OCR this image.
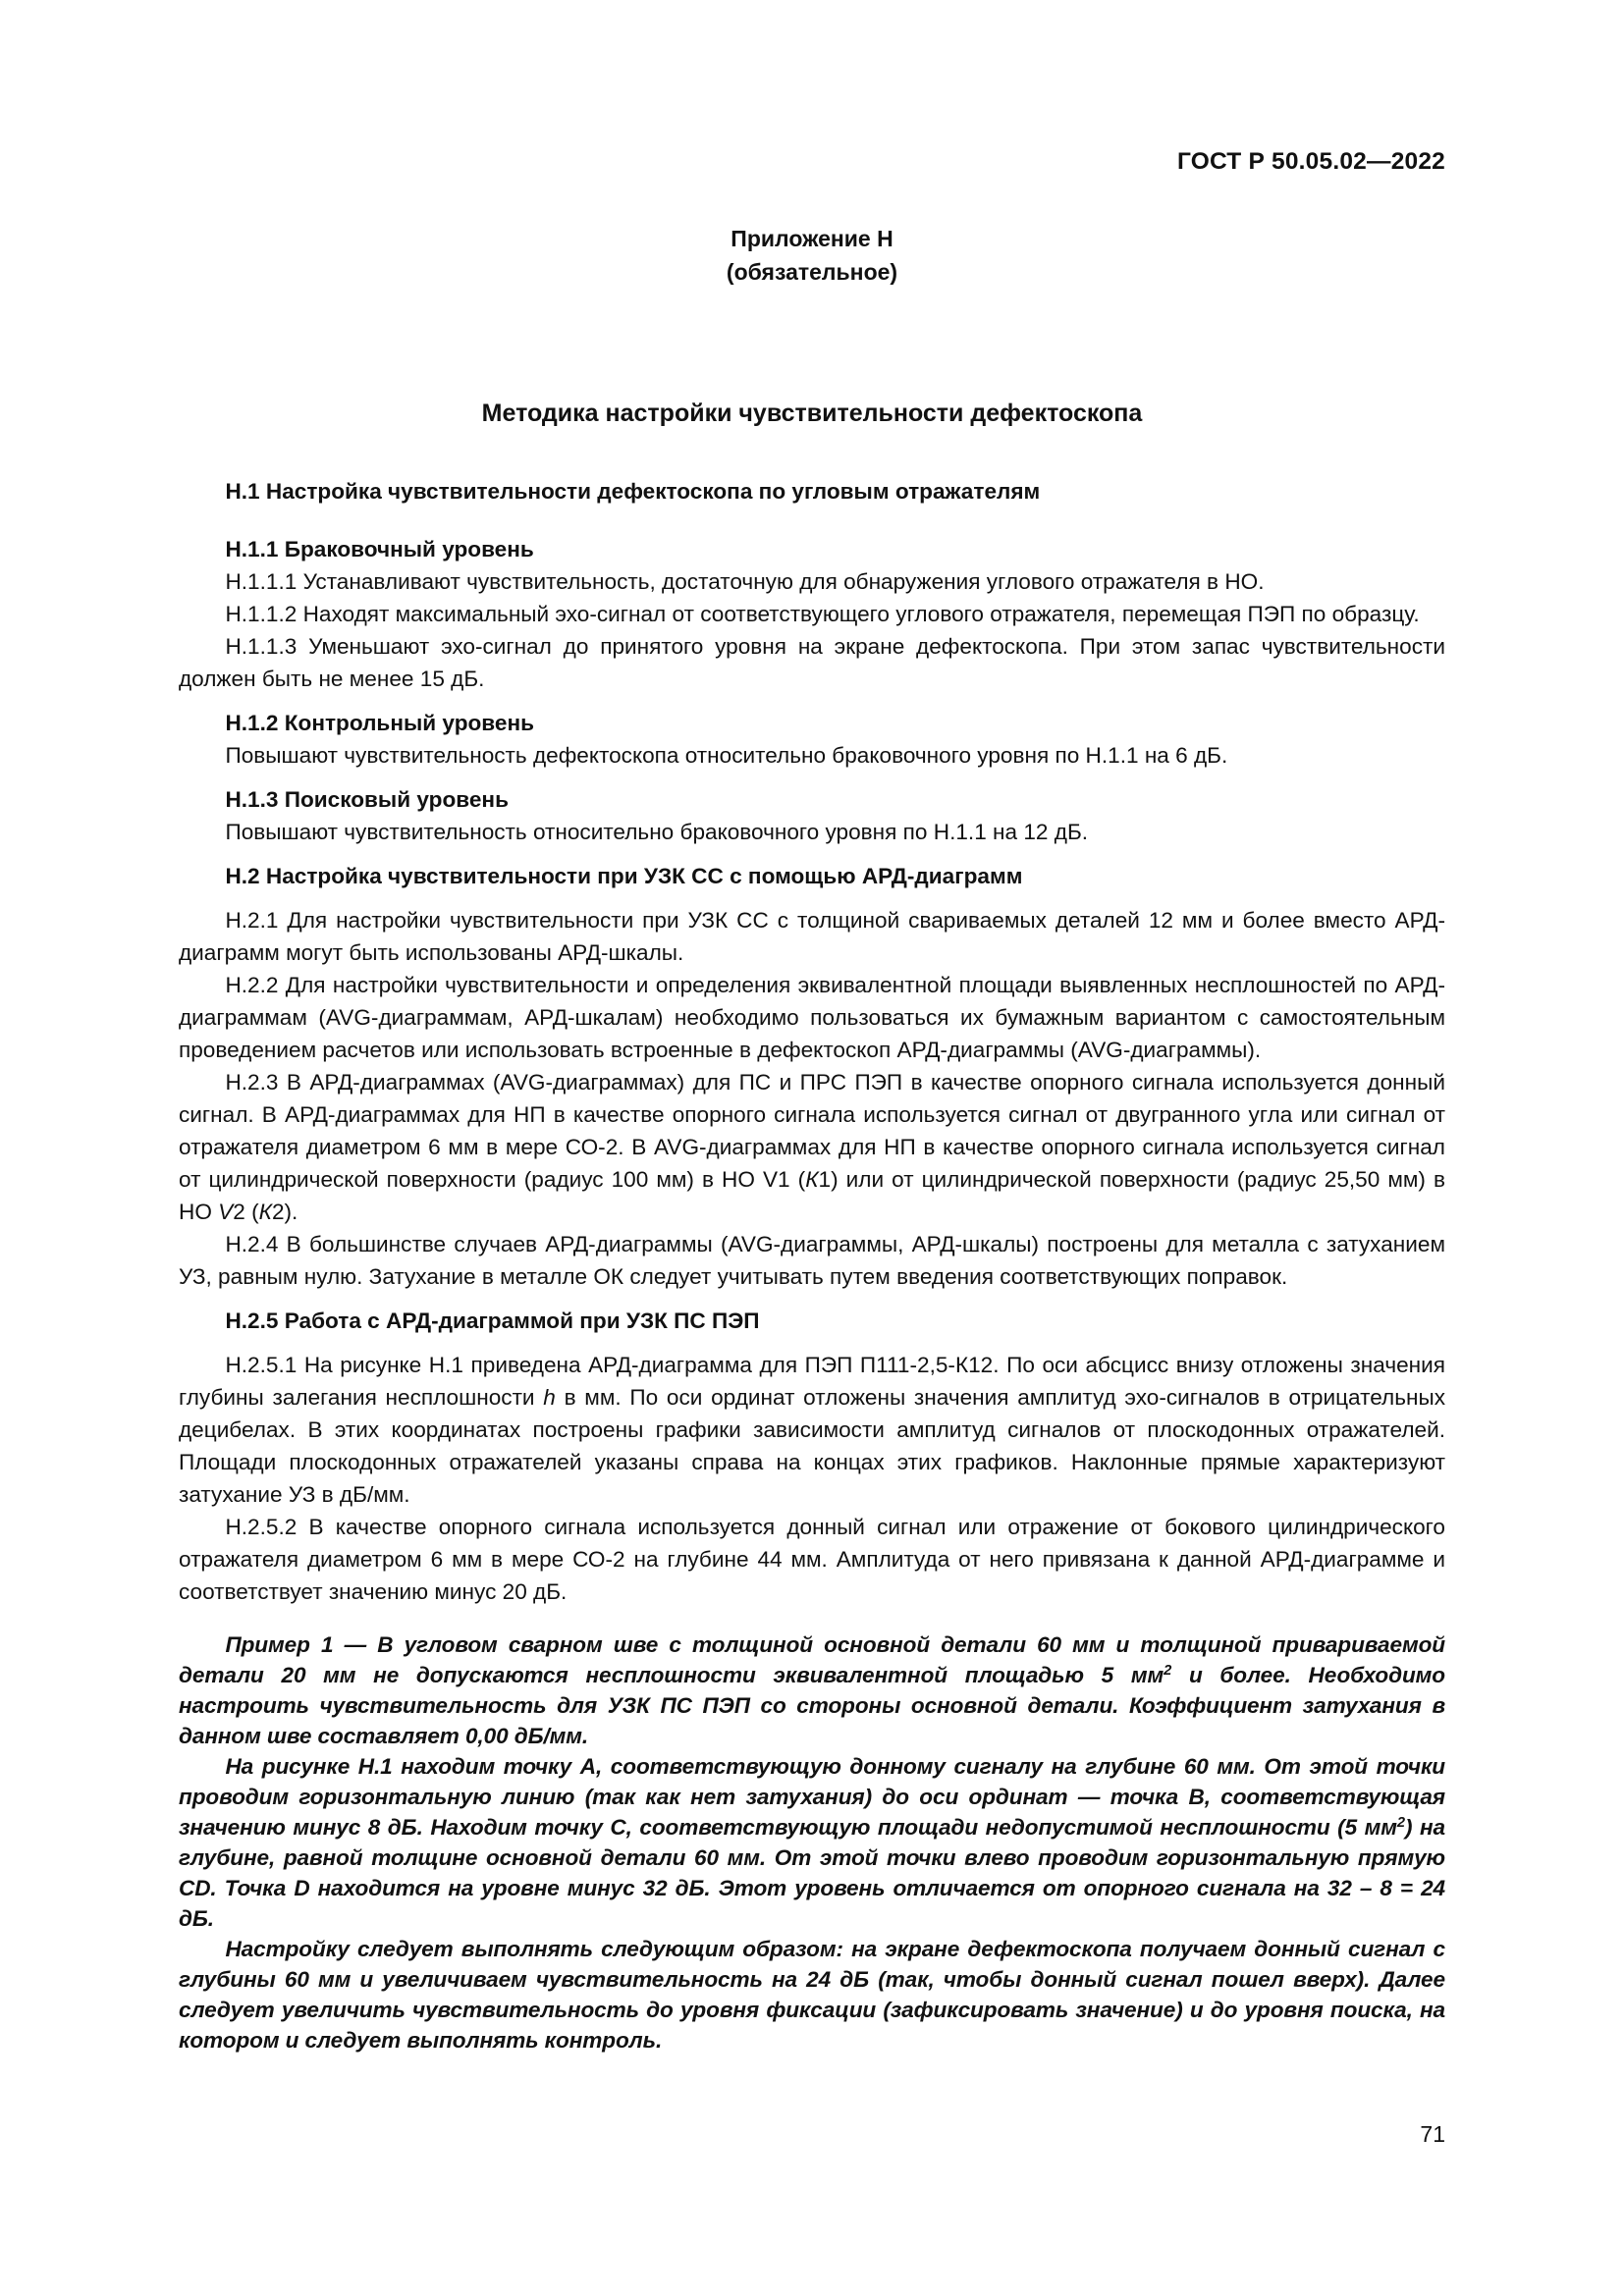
ГОСТ Р 50.05.02—2022
Приложение Н
(обязательное)
Методика настройки чувствительности дефектоскопа

Н.1 Настройка чувствительности дефектоскопа по угловым отражателям

Н.1.1 Браковочный уровень

Н.1.1.1 Устанавливают чувствительность, достаточную для обнаружения углового отражателя в НО.

Н.1.1.2 Находят максимальный эхо-сигнал от соответствующего углового отражателя, перемещая ПЭП по образцу.

Н.1.1.3 Уменьшают эхо-сигнал до принятого уровня на экране дефектоскопа. При этом запас чувствительности должен быть не менее 15 дБ.

Н.1.2 Контрольный уровень

Повышают чувствительность дефектоскопа относительно браковочного уровня по Н.1.1 на 6 дБ.

Н.1.3 Поисковый уровень

Повышают чувствительность относительно браковочного уровня по Н.1.1 на 12 дБ.

Н.2 Настройка чувствительности при УЗК СС с помощью АРД-диаграмм

Н.2.1 Для настройки чувствительности при УЗК СС с толщиной свариваемых деталей 12 мм и более вместо АРД-диаграмм могут быть использованы АРД-шкалы.

Н.2.2 Для настройки чувствительности и определения эквивалентной площади выявленных несплошностей по АРД-диаграммам (AVG-диаграммам, АРД-шкалам) необходимо пользоваться их бумажным вариантом с самостоятельным проведением расчетов или использовать встроенные в дефектоскоп АРД-диаграммы (AVG-диаграммы).

Н.2.3 В АРД-диаграммах (AVG-диаграммах) для ПС и ПРС ПЭП в качестве опорного сигнала используется донный сигнал. В АРД-диаграммах для НП в качестве опорного сигнала используется сигнал от двугранного угла или сигнал от отражателя диаметром 6 мм в мере СО-2. В AVG-диаграммах для НП в качестве опорного сигнала используется сигнал от цилиндрической поверхности (радиус 100 мм) в НО V1 (К1) или от цилиндрической поверхности (радиус 25,50 мм) в НО V2 (К2).

Н.2.4 В большинстве случаев АРД-диаграммы (AVG-диаграммы, АРД-шкалы) построены для металла с затуханием УЗ, равным нулю. Затухание в металле ОК следует учитывать путем введения соответствующих поправок.

Н.2.5 Работа с АРД-диаграммой при УЗК ПС ПЭП

Н.2.5.1 На рисунке Н.1 приведена АРД-диаграмма для ПЭП П111-2,5-К12. По оси абсцисс внизу отложены значения глубины залегания несплошности h в мм. По оси ординат отложены значения амплитуд эхо-сигналов в отрицательных децибелах. В этих координатах построены графики зависимости амплитуд сигналов от плоскодонных отражателей. Площади плоскодонных отражателей указаны справа на концах этих графиков. Наклонные прямые характеризуют затухание УЗ в дБ/мм.

Н.2.5.2 В качестве опорного сигнала используется донный сигнал или отражение от бокового цилиндрического отражателя диаметром 6 мм в мере СО-2 на глубине 44 мм. Амплитуда от него привязана к данной АРД-диаграмме и соответствует значению минус 20 дБ.

Пример 1 — В угловом сварном шве с толщиной основной детали 60 мм и толщиной привариваемой детали 20 мм не допускаются несплошности эквивалентной площадью 5 $мм^2$ и более. Необходимо настроить чувствительность для УЗК ПС ПЭП со стороны основной детали. Коэффициент затухания в данном шве составляет 0,00 дБ/мм.

На рисунке Н.1 находим точку А, соответствующую донному сигналу на глубине 60 мм. От этой точки проводим горизонтальную линию (так как нет затухания) до оси ординат — точка В, соответствующая значению минус 8 дБ. Находим точку С, соответствующую площади недопустимой несплошности (5 $мм^2$) на глубине, равной толщине основной детали 60 мм. От этой точки влево проводим горизонтальную прямую CD. Точка D находится на уровне минус 32 дБ. Этот уровень отличается от опорного сигнала на 32 – 8 = 24 дБ.

Настройку следует выполнять следующим образом: на экране дефектоскопа получаем донный сигнал с глубины 60 мм и увеличиваем чувствительность на 24 дБ (так, чтобы донный сигнал пошел вверх). Далее следует увеличить чувствительность до уровня фиксации (зафиксировать значение) и до уровня поиска, на котором и следует выполнять контроль.

71
